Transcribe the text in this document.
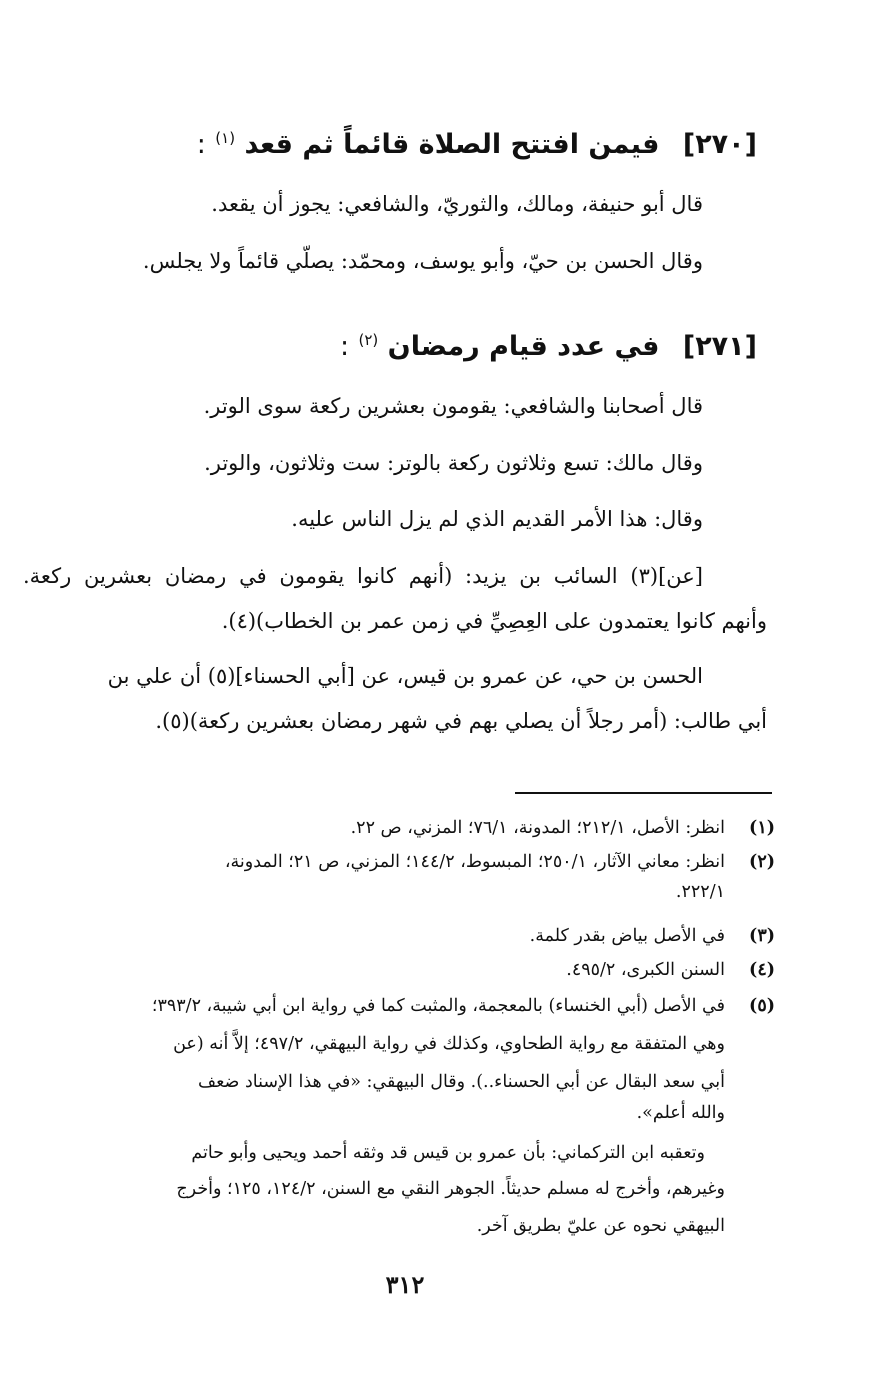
[٢٧٠] فيمن افتتح الصلاة قائماً ثم قعد $^{(١)}$ :
قال أبو حنيفة، ومالك، والثوريّ، والشافعي: يجوز أن يقعد.
وقال الحسن بن حيّ، وأبو يوسف، ومحمّد: يصلّي قائماً ولا يجلس.
[٢٧١] في عدد قيام رمضان $^{(٢)}$ :
قال أصحابنا والشافعي: يقومون بعشرين ركعة سوى الوتر.
وقال مالك: تسع وثلاثون ركعة بالوتر: ست وثلاثون، والوتر.
وقال: هذا الأمر القديم الذي لم يزل الناس عليه.
[عن](٣) السائب بن يزيد: (أنهم كانوا يقومون في رمضان بعشرين ركعة.
وأنهم كانوا يعتمدون على العِصِيِّ في زمن عمر بن الخطاب)(٤).
الحسن بن حي، عن عمرو بن قيس، عن [أبي الحسناء](٥) أن علي بن
أبي طالب: (أمر رجلاً أن يصلي بهم في شهر رمضان بعشرين ركعة)(٥).
(١)
انظر: الأصل، ٢١٢/١؛ المدونة، ٧٦/١؛ المزني، ص ٢٢.
(٢)
انظر: معاني الآثار، ٢٥٠/١؛ المبسوط، ١٤٤/٢؛ المزني، ص ٢١؛ المدونة،
٢٢٢/١.
(٣)
في الأصل بياض بقدر كلمة.
(٤)
السنن الكبرى، ٤٩٥/٢.
(٥)
في الأصل (أبي الخنساء) بالمعجمة، والمثبت كما في رواية ابن أبي شيبة، ٣٩٣/٢؛
وهي المتفقة مع رواية الطحاوي، وكذلك في رواية البيهقي، ٤٩٧/٢؛ إلاَّ أنه (عن
أبي سعد البقال عن أبي الحسناء..). وقال البيهقي: «في هذا الإسناد ضعف
والله أعلم».
وتعقبه ابن التركماني: بأن عمرو بن قيس قد وثقه أحمد ويحيى وأبو حاتم
وغيرهم، وأخرج له مسلم حديثاً. الجوهر النقي مع السنن، ١٢٤/٢، ١٢٥؛ وأخرج
البيهقي نحوه عن عليّ بطريق آخر.
٣١٢
